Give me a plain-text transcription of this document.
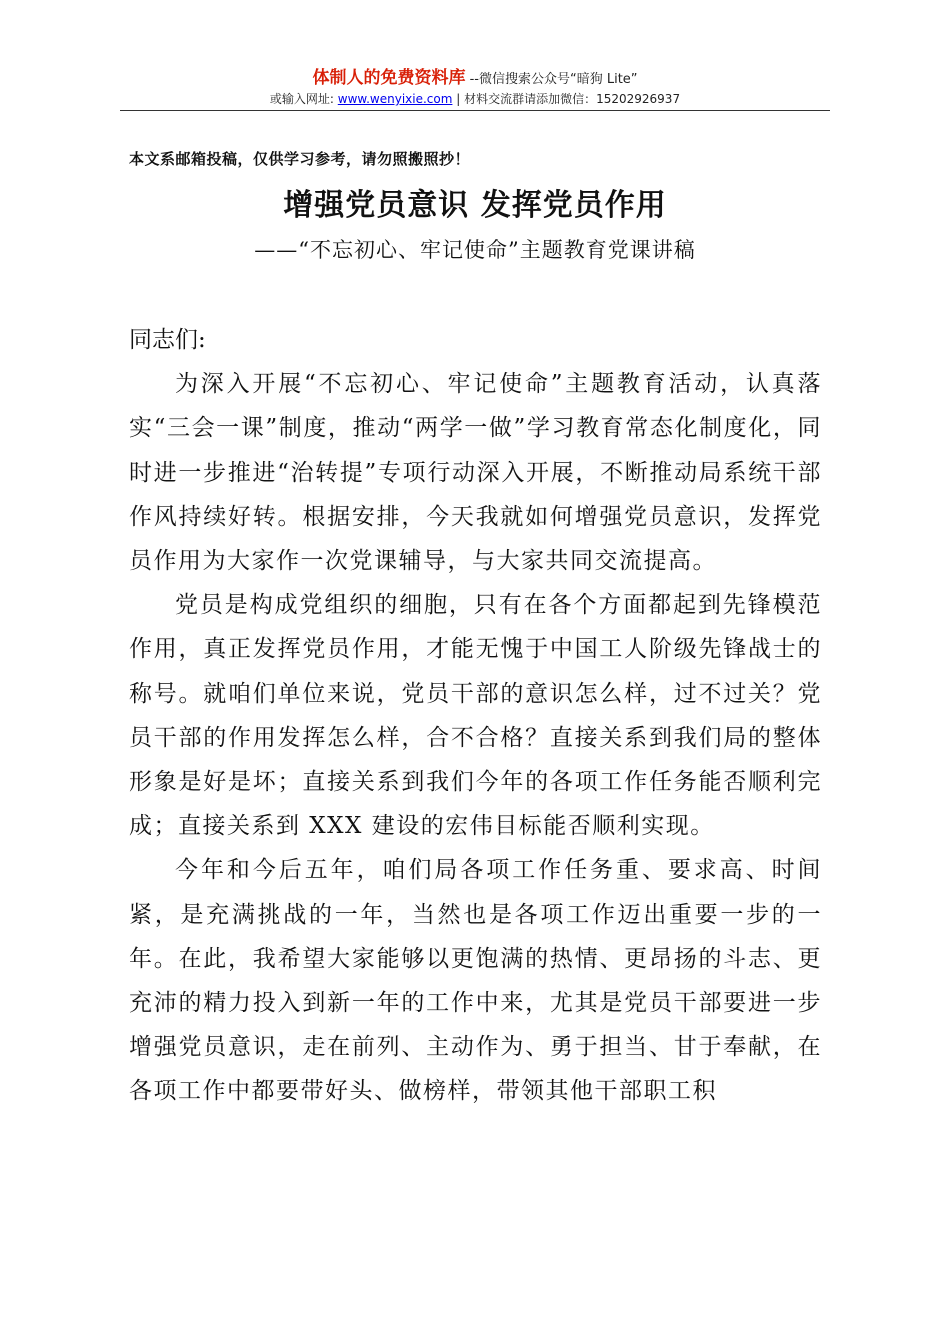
体制人的免费资料库 --微信搜索公众号“暗狗 Lite”
或输入网址: www.wenyixie.com | 材料交流群请添加微信：15202926937
本文系邮箱投稿，仅供学习参考，请勿照搬照抄！
增强党员意识 发挥党员作用
——“不忘初心、牢记使命”主题教育党课讲稿

同志们:

为深入开展“不忘初心、牢记使命”主题教育活动，认真落实“三会一课”制度，推动“两学一做”学习教育常态化制度化，同时进一步推进“治转提”专项行动深入开展，不断推动局系统干部作风持续好转。根据安排，今天我就如何增强党员意识，发挥党员作用为大家作一次党课辅导，与大家共同交流提高。

党员是构成党组织的细胞，只有在各个方面都起到先锋模范作用，真正发挥党员作用，才能无愧于中国工人阶级先锋战士的称号。就咱们单位来说，党员干部的意识怎么样，过不过关？党员干部的作用发挥怎么样，合不合格？直接关系到我们局的整体形象是好是坏；直接关系到我们今年的各项工作任务能否顺利完成；直接关系到 XXX 建设的宏伟目标能否顺利实现。

今年和今后五年，咱们局各项工作任务重、要求高、时间紧，是充满挑战的一年，当然也是各项工作迈出重要一步的一年。在此，我希望大家能够以更饱满的热情、更昂扬的斗志、更充沛的精力投入到新一年的工作中来，尤其是党员干部要进一步增强党员意识，走在前列、主动作为、勇于担当、甘于奉献，在各项工作中都要带好头、做榜样，带领其他干部职工积
